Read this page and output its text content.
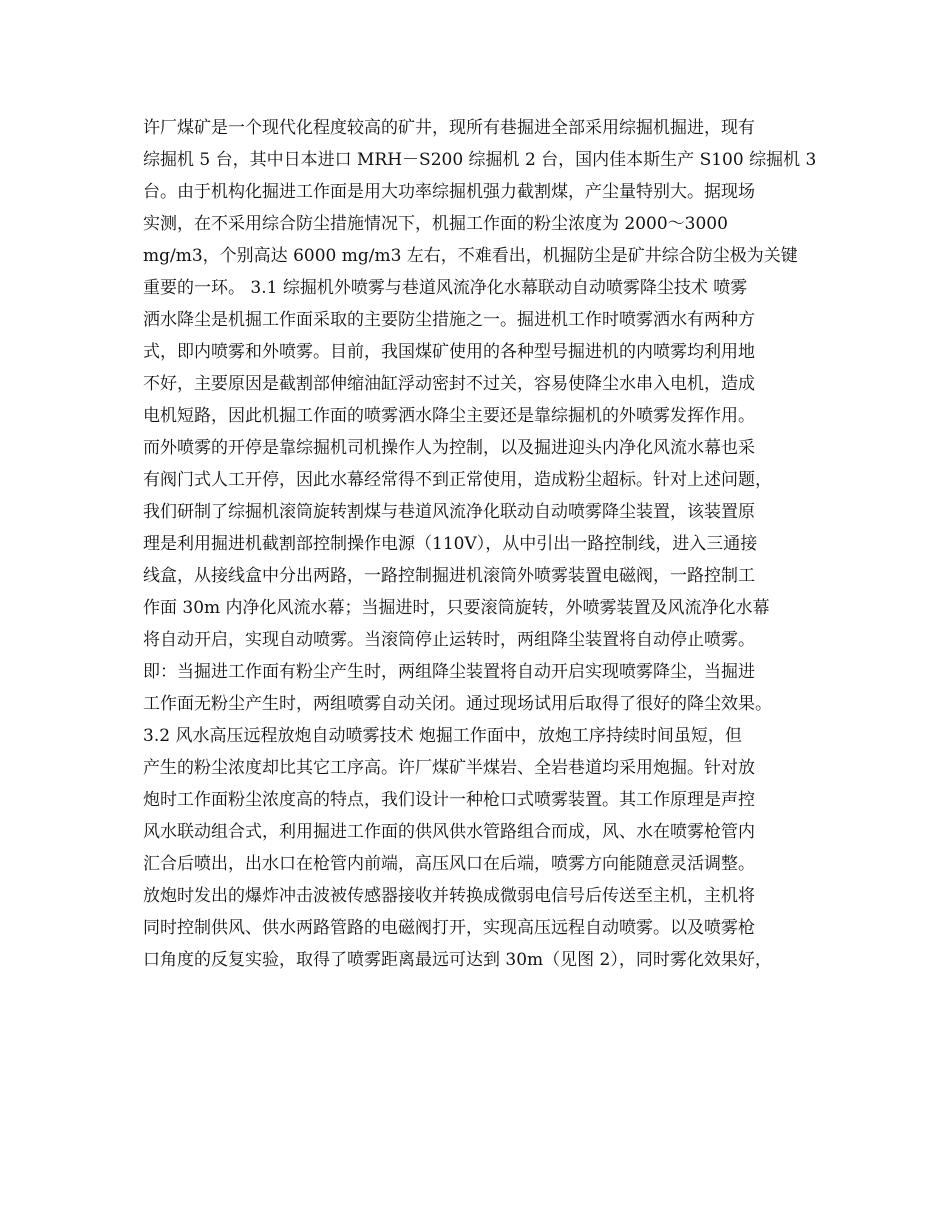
许厂煤矿是一个现代化程度较高的矿井，现所有巷掘进全部采用综掘机掘进，现有
综掘机 5 台，其中日本进口 MRH－S200 综掘机 2 台，国内佳本斯生产 S100 综掘机 3
台。由于机构化掘进工作面是用大功率综掘机强力截割煤，产尘量特别大。据现场
实测，在不采用综合防尘措施情况下，机掘工作面的粉尘浓度为 2000～3000
mg/m3，个别高达 6000 mg/m3 左右，不难看出，机掘防尘是矿井综合防尘极为关键
重要的一环。 3.1 综掘机外喷雾与巷道风流净化水幕联动自动喷雾降尘技术 喷雾
洒水降尘是机掘工作面采取的主要防尘措施之一。掘进机工作时喷雾洒水有两种方
式，即内喷雾和外喷雾。目前，我国煤矿使用的各种型号掘进机的内喷雾均利用地
不好，主要原因是截割部伸缩油缸浮动密封不过关，容易使降尘水串入电机，造成
电机短路，因此机掘工作面的喷雾洒水降尘主要还是靠综掘机的外喷雾发挥作用。
而外喷雾的开停是靠综掘机司机操作人为控制，以及掘进迎头内净化风流水幕也采
有阀门式人工开停，因此水幕经常得不到正常使用，造成粉尘超标。针对上述问题，
我们研制了综掘机滚筒旋转割煤与巷道风流净化联动自动喷雾降尘装置，该装置原
理是利用掘进机截割部控制操作电源（110V），从中引出一路控制线，进入三通接
线盒，从接线盒中分出两路，一路控制掘进机滚筒外喷雾装置电磁阀，一路控制工
作面 30m 内净化风流水幕；当掘进时，只要滚筒旋转，外喷雾装置及风流净化水幕
将自动开启，实现自动喷雾。当滚筒停止运转时，两组降尘装置将自动停止喷雾。
即：当掘进工作面有粉尘产生时，两组降尘装置将自动开启实现喷雾降尘，当掘进
工作面无粉尘产生时，两组喷雾自动关闭。通过现场试用后取得了很好的降尘效果。
3.2 风水高压远程放炮自动喷雾技术 炮掘工作面中，放炮工序持续时间虽短，但
产生的粉尘浓度却比其它工序高。许厂煤矿半煤岩、全岩巷道均采用炮掘。针对放
炮时工作面粉尘浓度高的特点，我们设计一种枪口式喷雾装置。其工作原理是声控
风水联动组合式，利用掘进工作面的供风供水管路组合而成，风、水在喷雾枪管内
汇合后喷出，出水口在枪管内前端，高压风口在后端，喷雾方向能随意灵活调整。
放炮时发出的爆炸冲击波被传感器接收并转换成微弱电信号后传送至主机，主机将
同时控制供风、供水两路管路的电磁阀打开，实现高压远程自动喷雾。以及喷雾枪
口角度的反复实验，取得了喷雾距离最远可达到 30m（见图 2），同时雾化效果好，
